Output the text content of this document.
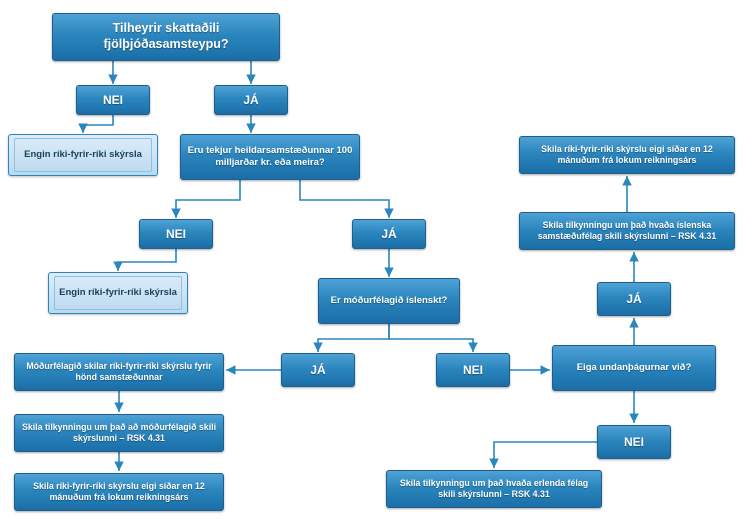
Tilheyrir skattaðili fjölþjóðasamsteypu?
NEI	JÁ
Engin ríki-fyrir-ríki skýrsla	Eru tekjur heildarsamstæðunnar 100 milljarðar kr. eða meira?
NEI	JÁ
Engin ríki-fyrir-ríki skýrsla
Er móðurfélagið íslenskt?
JÁ	NEI
Móðurfélagið skilar ríki-fyrir-ríki skýrslu fyrir hönd samstæðunnar
Skila tilkynningu um það að móðurfélagið skili skýrslunni – RSK 4.31
Skila ríki-fyrir-ríki skýrslu eigi síðar en 12 mánuðum frá lokum reikningsárs
Eiga undanþágurnar við?
NEI
JÁ
Skila tilkynningu um það hvaða erlenda félag skili skýrslunni – RSK 4.31
Skila tilkynningu um það hvaða íslenska samstæðufélag skili skýrslunni – RSK 4.31
Skila ríki-fyrir-ríki skýrslu eigi síðar en 12 mánuðum frá lokum reikningsárs
